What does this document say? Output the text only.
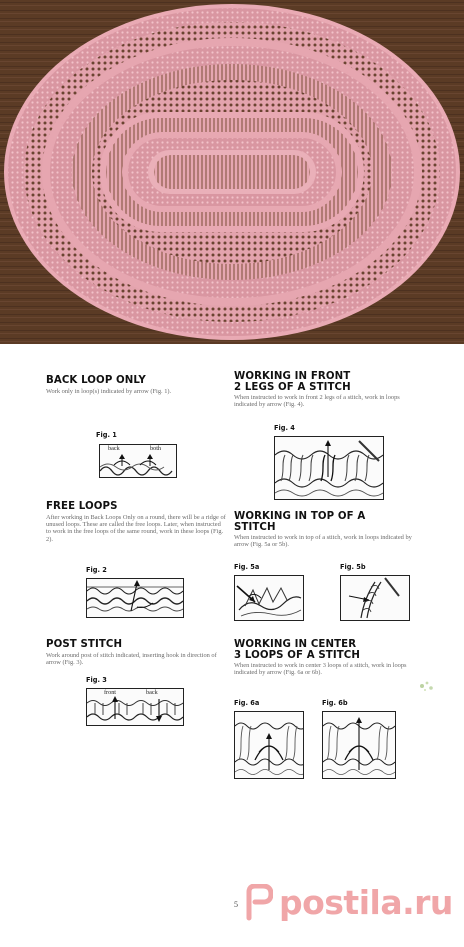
BACK LOOP ONLY

Work only in loop(s) indicated by arrow (Fig. 1).

Fig. 1
back	both
FREE LOOPS

After working in Back Loops Only on a round, there will be a ridge of unused loops. These are called the free loops. Later, when instructed to work in the free loops of the same round, work in these loops (Fig. 2).

Fig. 2
POST STITCH

Work around post of stitch indicated, inserting hook in direction of arrow (Fig. 3).

Fig. 3
front	back
WORKING IN FRONT
2 LEGS OF A STITCH

When instructed to work in front 2 legs of a stitch, work in loops indicated by arrow (Fig. 4).

Fig. 4
WORKING IN TOP OF A
STITCH

When instructed to work in top of a stitch, work in loops indicated by arrow (Fig. 5a or 5b).

Fig. 5a	Fig. 5b
WORKING IN CENTER
3 LOOPS OF A STITCH

When instructed to work in center 3 loops of a stitch, work in loops indicated by arrow (Fig. 6a or 6b).

Fig. 6a	Fig. 6b
5 postila.ru
